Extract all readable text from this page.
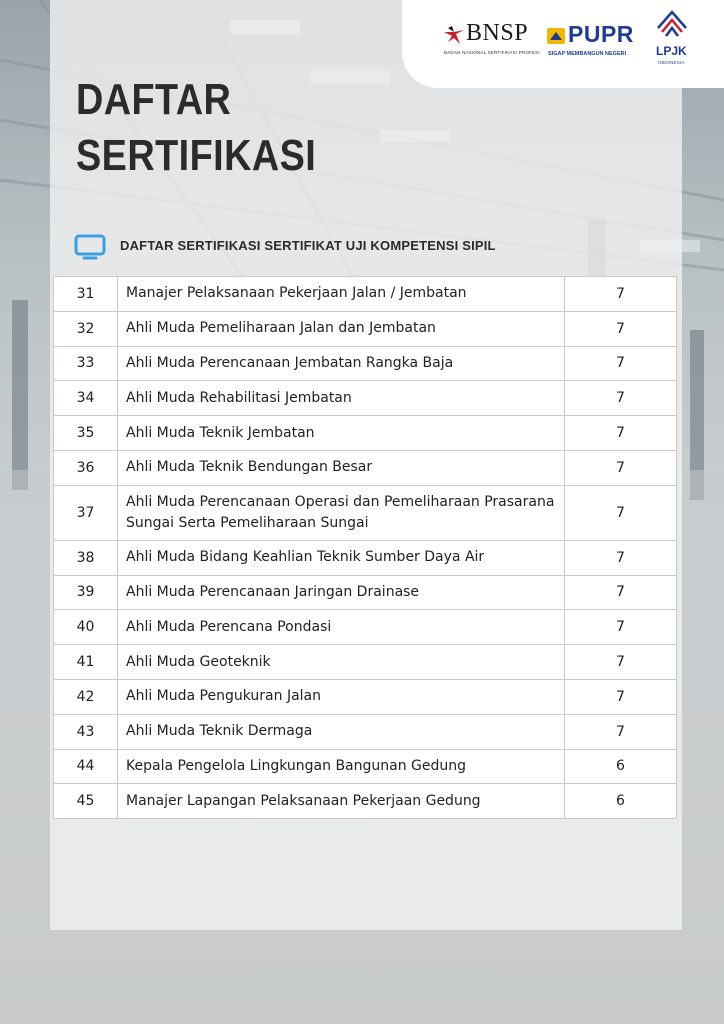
BNSP
BADAN NASIONAL SERTIFIKASI PROFESI
PUPR
SIGAP MEMBANGUN NEGERI LPJK
INDONESIA
DAFTAR
SERTIFIKASI
DAFTAR SERTIFIKASI SERTIFIKAT UJI KOMPETENSI SIPIL
31	Manajer Pelaksanaan Pekerjaan Jalan / Jembatan	7
32	Ahli Muda Pemeliharaan Jalan dan Jembatan	7
33	Ahli Muda Perencanaan Jembatan Rangka Baja	7
34	Ahli Muda Rehabilitasi Jembatan	7
35	Ahli Muda Teknik Jembatan	7
36	Ahli Muda Teknik Bendungan Besar	7
37	Ahli Muda Perencanaan Operasi dan Pemeliharaan Prasarana Sungai Serta Pemeliharaan Sungai	7
38	Ahli Muda Bidang Keahlian Teknik Sumber Daya Air	7
39	Ahli Muda Perencanaan Jaringan Drainase	7
40	Ahli Muda Perencana Pondasi	7
41	Ahli Muda Geoteknik	7
42	Ahli Muda Pengukuran Jalan	7
43	Ahli Muda Teknik Dermaga	7
44	Kepala Pengelola Lingkungan Bangunan Gedung	6
45	Manajer Lapangan Pelaksanaan Pekerjaan Gedung	6
